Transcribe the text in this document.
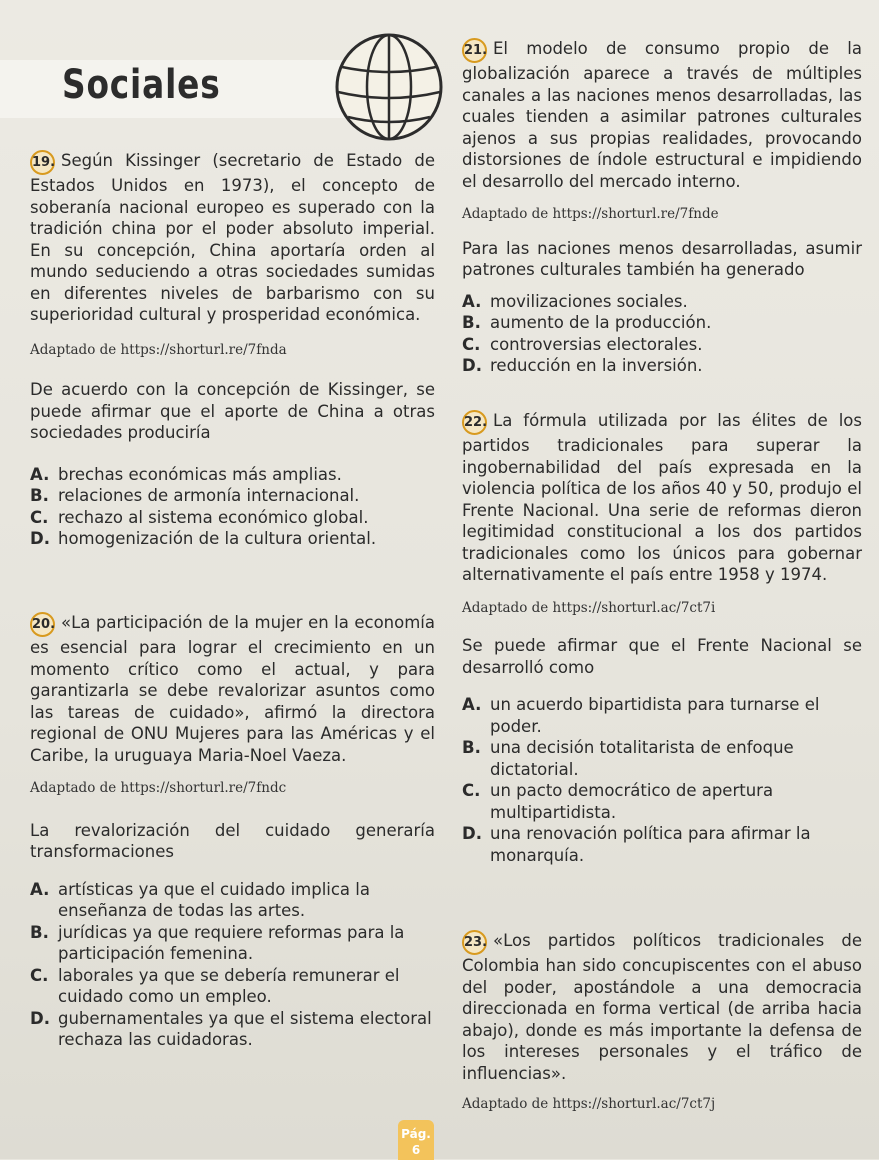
Sociales
19. Según Kissinger (secretario de Estado de Estados Unidos en 1973), el concepto de soberanía nacional europeo es superado con la tradición china por el poder absoluto imperial. En su concepción, China aportaría orden al mundo seduciendo a otras sociedades sumidas en diferentes niveles de barbarismo con su superioridad cultural y prosperidad económica.
Adaptado de https://shorturl.re/7fnda
De acuerdo con la concepción de Kissinger, se puede afirmar que el aporte de China a otras sociedades produciría
A. brechas económicas más amplias.
B. relaciones de armonía internacional.
C. rechazo al sistema económico global.
D. homogenización de la cultura oriental.
20. «La participación de la mujer en la economía es esencial para lograr el crecimiento en un momento crítico como el actual, y para garantizarla se debe revalorizar asuntos como las tareas de cuidado», afirmó la directora regional de ONU Mujeres para las Américas y el Caribe, la uruguaya Maria-Noel Vaeza.
Adaptado de https://shorturl.re/7fndc
La revalorización del cuidado generaría transformaciones
A. artísticas ya que el cuidado implica la enseñanza de todas las artes.
B. jurídicas ya que requiere reformas para la participación femenina.
C. laborales ya que se debería remunerar el cuidado como un empleo.
D. gubernamentales ya que el sistema electoral rechaza las cuidadoras.
21. El modelo de consumo propio de la globalización aparece a través de múltiples canales a las naciones menos desarrolladas, las cuales tienden a asimilar patrones culturales ajenos a sus propias realidades, provocando distorsiones de índole estructural e impidiendo el desarrollo del mercado interno.
Adaptado de https://shorturl.re/7fnde
Para las naciones menos desarrolladas, asumir patrones culturales también ha generado
A. movilizaciones sociales.
B. aumento de la producción.
C. controversias electorales.
D. reducción en la inversión.
22. La fórmula utilizada por las élites de los partidos tradicionales para superar la ingobernabilidad del país expresada en la violencia política de los años 40 y 50, produjo el Frente Nacional. Una serie de reformas dieron legitimidad constitucional a los dos partidos tradicionales como los únicos para gobernar alternativamente el país entre 1958 y 1974.
Adaptado de https://shorturl.ac/7ct7i
Se puede afirmar que el Frente Nacional se desarrolló como
A. un acuerdo bipartidista para turnarse el poder.
B. una decisión totalitarista de enfoque dictatorial.
C. un pacto democrático de apertura multipartidista.
D. una renovación política para afirmar la monarquía.
23. «Los partidos políticos tradicionales de Colombia han sido concupiscentes con el abuso del poder, apostándole a una democracia direccionada en forma vertical (de arriba hacia abajo), donde es más importante la defensa de los intereses personales y el tráfico de influencias».
Adaptado de https://shorturl.ac/7ct7j
Pág.
6
